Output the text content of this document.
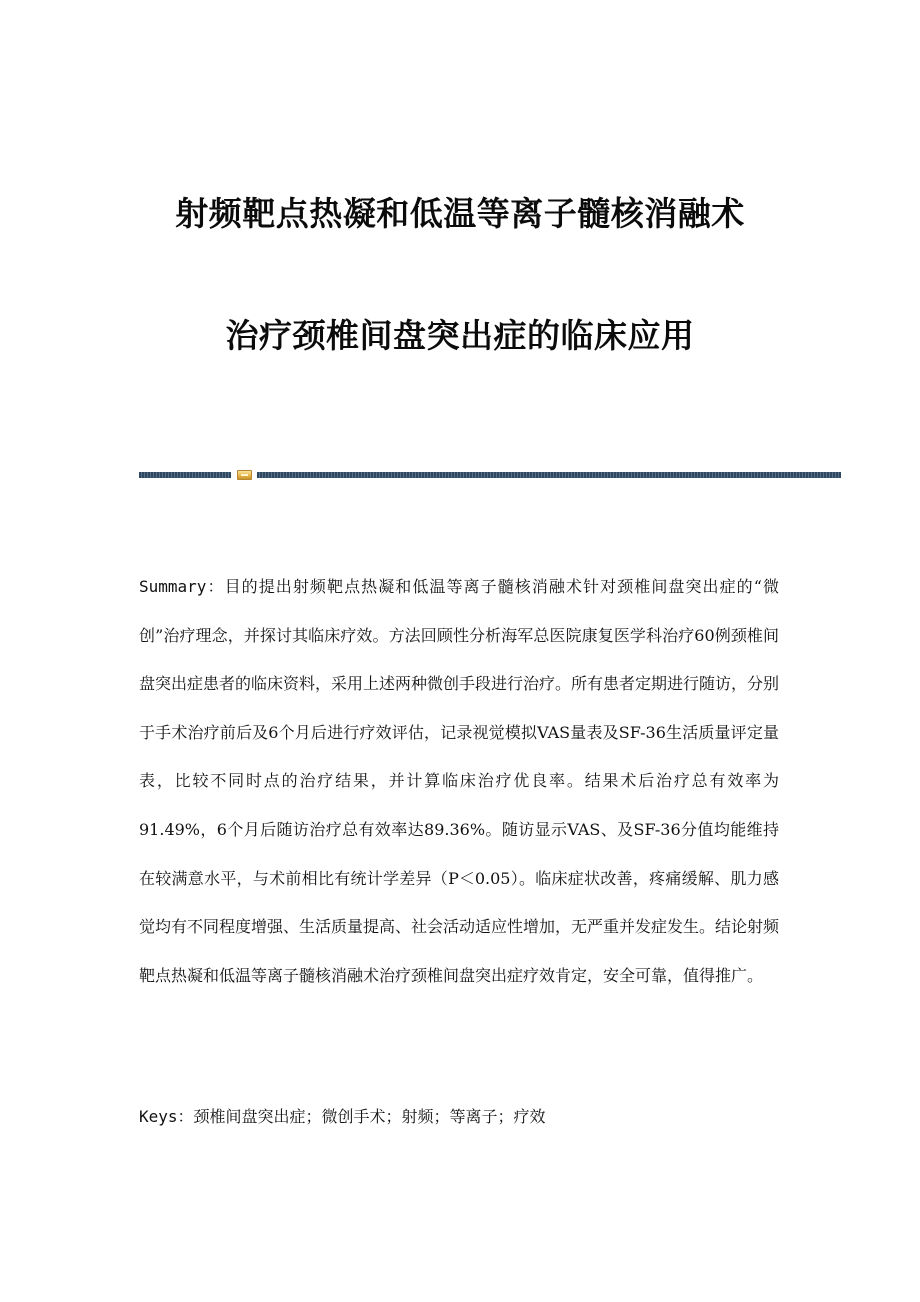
射频靶点热凝和低温等离子髓核消融术
治疗颈椎间盘突出症的临床应用

Summary：目的提出射频靶点热凝和低温等离子髓核消融术针对颈椎间盘突出症的“微创”治疗理念，并探讨其临床疗效。方法回顾性分析海军总医院康复医学科治疗60例颈椎间盘突出症患者的临床资料，采用上述两种微创手段进行治疗。所有患者定期进行随访，分别于手术治疗前后及6个月后进行疗效评估，记录视觉模拟VAS量表及SF-36生活质量评定量表，比较不同时点的治疗结果，并计算临床治疗优良率。结果术后治疗总有效率为91.49%，6个月后随访治疗总有效率达89.36%。随访显示VAS、及SF-36分值均能维持在较满意水平，与术前相比有统计学差异（P＜0.05）。临床症状改善，疼痛缓解、肌力感觉均有不同程度增强、生活质量提高、社会活动适应性增加，无严重并发症发生。结论射频靶点热凝和低温等离子髓核消融术治疗颈椎间盘突出症疗效肯定，安全可靠，值得推广。

Keys：颈椎间盘突出症；微创手术；射频；等离子；疗效
